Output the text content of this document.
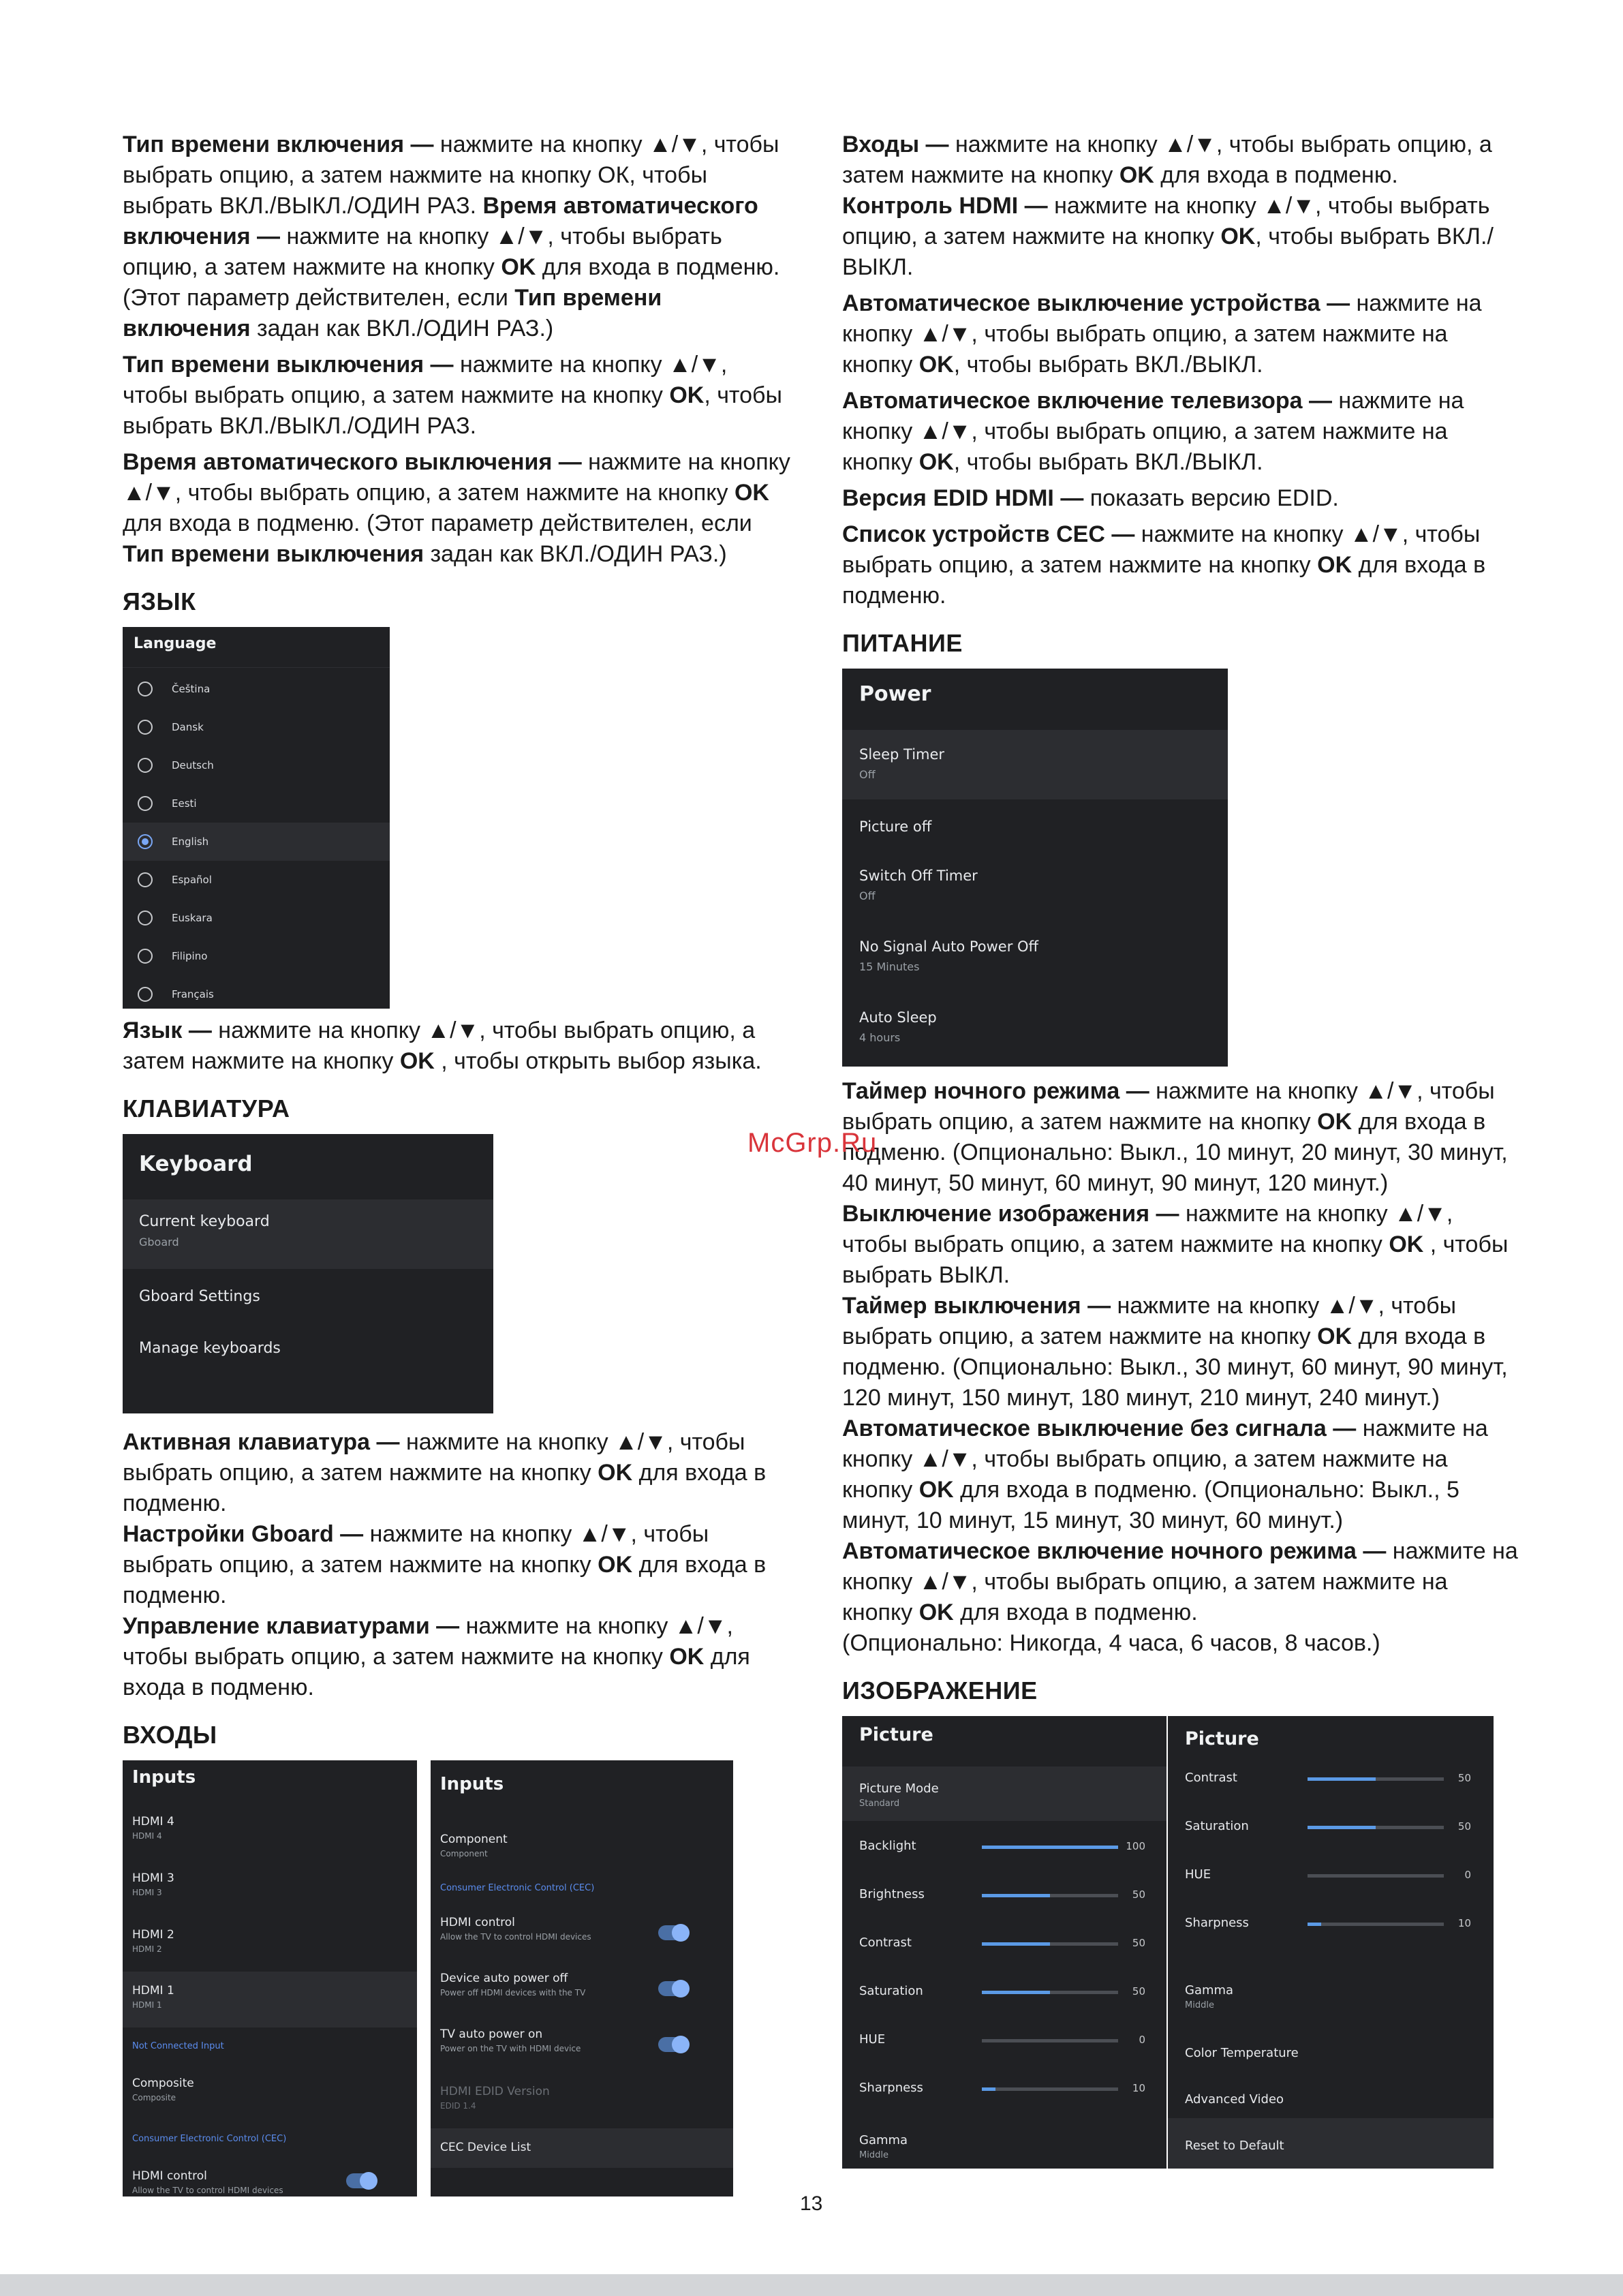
Тип времени включения — нажмите на кнопку ▲/▼, чтобы выбрать опцию, а затем нажмите на кнопку ОК, чтобы выбрать ВКЛ./ВЫКЛ./ОДИН РАЗ. Время автоматического включения — нажмите на кнопку ▲/▼, чтобы выбрать опцию, а затем нажмите на кнопку OK для входа в подменю. (Этот параметр действителен, если Тип времени включения задан как ВКЛ./ОДИН РАЗ.)

Тип времени выключения — нажмите на кнопку ▲/▼, чтобы выбрать опцию, а затем нажмите на кнопку OK, чтобы выбрать ВКЛ./ВЫКЛ./ОДИН РАЗ.

Время автоматического выключения — нажмите на кнопку ▲/▼, чтобы выбрать опцию, а затем нажмите на кнопку OK для входа в подменю. (Этот параметр действителен, если Тип времени выключения задан как ВКЛ./ОДИН РАЗ.)

ЯЗЫК
Language
Čeština
Dansk
Deutsch
Eesti
English
Español
Euskara
Filipino
Français

Язык — нажмите на кнопку ▲/▼, чтобы выбрать опцию, а затем нажмите на кнопку OK , чтобы открыть выбор языка.

КЛАВИАТУРА
Keyboard
Current keyboard
Gboard
Gboard Settings
Manage keyboards

Активная клавиатура — нажмите на кнопку ▲/▼, чтобы выбрать опцию, а затем нажмите на кнопку OK для входа в подменю.

Настройки Gboard — нажмите на кнопку ▲/▼, чтобы выбрать опцию, а затем нажмите на кнопку OK для входа в подменю.

Управление клавиатурами — нажмите на кнопку ▲/▼, чтобы выбрать опцию, а затем нажмите на кнопку OK для входа в подменю.

ВХОДЫ
Inputs
HDMI 4
HDMI 4
HDMI 3
HDMI 3
HDMI 2
HDMI 2
HDMI 1
HDMI 1
Not Connected Input
Composite
Composite
Consumer Electronic Control (CEC)
HDMI control
Allow the TV to control HDMI devices
Inputs
Component
Component
Consumer Electronic Control (CEC)
HDMI control
Allow the TV to control HDMI devices
Device auto power off
Power off HDMI devices with the TV
TV auto power on
Power on the TV with HDMI device
HDMI EDID Version
EDID 1.4
CEC Device List

Входы — нажмите на кнопку ▲/▼, чтобы выбрать опцию, а затем нажмите на кнопку OK для входа в подменю.

Контроль HDMI — нажмите на кнопку ▲/▼, чтобы выбрать опцию, а затем нажмите на кнопку OK, чтобы выбрать ВКЛ./ВЫКЛ.

Автоматическое выключение устройства — нажмите на кнопку ▲/▼, чтобы выбрать опцию, а затем нажмите на кнопку OK, чтобы выбрать ВКЛ./ВЫКЛ.

Автоматическое включение телевизора — нажмите на кнопку ▲/▼, чтобы выбрать опцию, а затем нажмите на кнопку OK, чтобы выбрать ВКЛ./ВЫКЛ.

Версия EDID HDMI — показать версию EDID.

Список устройств CEC — нажмите на кнопку ▲/▼, чтобы выбрать опцию, а затем нажмите на кнопку OK для входа в подменю.

ПИТАНИЕ
Power
Sleep Timer
Off
Picture off
Switch Off Timer
Off
No Signal Auto Power Off
15 Minutes
Auto Sleep
4 hours

Таймер ночного режима — нажмите на кнопку ▲/▼, чтобы выбрать опцию, а затем нажмите на кнопку OK для входа в подменю. (Опционально: Выкл., 10 минут, 20 минут, 30 минут, 40 минут, 50 минут, 60 минут, 90 минут, 120 минут.)

Выключение изображения — нажмите на кнопку ▲/▼, чтобы выбрать опцию, а затем нажмите на кнопку OK , чтобы выбрать ВЫКЛ.

Таймер выключения — нажмите на кнопку ▲/▼, чтобы выбрать опцию, а затем нажмите на кнопку OK для входа в подменю. (Опционально: Выкл., 30 минут, 60 минут, 90 минут, 120 минут, 150 минут, 180 минут, 210 минут, 240 минут.)

Автоматическое выключение без сигнала — нажмите на кнопку ▲/▼, чтобы выбрать опцию, а затем нажмите на кнопку OK для входа в подменю. (Опционально: Выкл., 5 минут, 10 минут, 15 минут, 30 минут, 60 минут.)

Автоматическое включение ночного режима — нажмите на кнопку ▲/▼, чтобы выбрать опцию, а затем нажмите на кнопку OK для входа в подменю.
(Опционально: Никогда, 4 часа, 6 часов, 8 часов.)

ИЗОБРАЖЕНИЕ
Picture
Picture Mode
Standard
Backlight	100
Brightness	50
Contrast	50
Saturation	50
HUE	0
Sharpness	10
Gamma
Middle
Picture
Contrast	50
Saturation	50
HUE	0
Sharpness	10
Gamma
Middle
Color Temperature
Advanced Video
Reset to Default
McGrp.Ru
13
